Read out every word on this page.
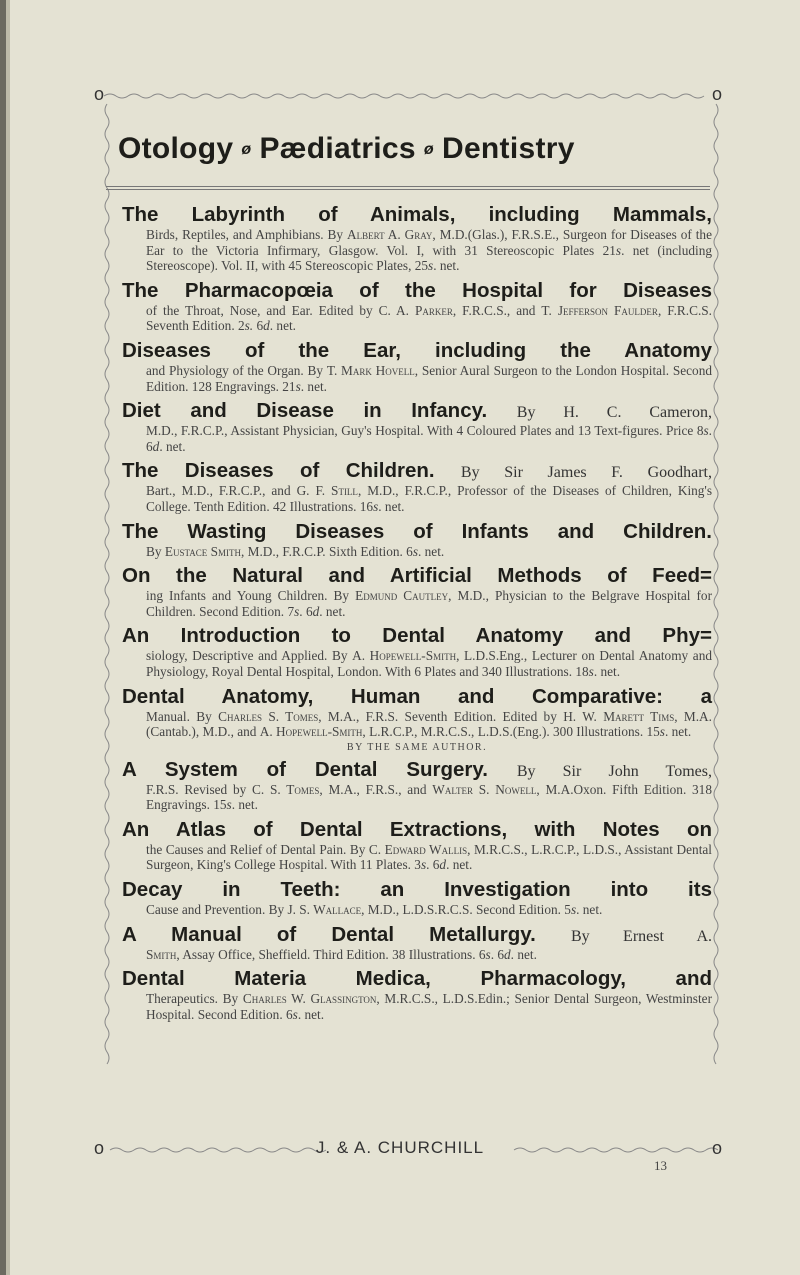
o	o
o	o
Otology ø Pædiatrics ø Dentistry
The Labyrinth of Animals, including Mammals,
Birds, Reptiles, and Amphibians. By Albert A. Gray, M.D.(Glas.), F.R.S.E., Surgeon for Diseases of the Ear to the Victoria Infirmary, Glasgow. Vol. I, with 31 Stereoscopic Plates 21s. net (including Stereoscope). Vol. II, with 45 Stereoscopic Plates, 25s. net.
The Pharmacopœia of the Hospital for Diseases
of the Throat, Nose, and Ear. Edited by C. A. Parker, F.R.C.S., and T. Jefferson Faulder, F.R.C.S. Seventh Edition. 2s. 6d. net.
Diseases of the Ear, including the Anatomy
and Physiology of the Organ. By T. Mark Hovell, Senior Aural Surgeon to the London Hospital. Second Edition. 128 Engravings. 21s. net.
Diet and Disease in Infancy. By H. C. Cameron,
M.D., F.R.C.P., Assistant Physician, Guy's Hospital. With 4 Coloured Plates and 13 Text-figures. Price 8s. 6d. net.
The Diseases of Children. By Sir James F. Goodhart,
Bart., M.D., F.R.C.P., and G. F. Still, M.D., F.R.C.P., Professor of the Diseases of Children, King's College. Tenth Edition. 42 Illustrations. 16s. net.
The Wasting Diseases of Infants and Children.
By Eustace Smith, M.D., F.R.C.P. Sixth Edition. 6s. net.
On the Natural and Artificial Methods of Feed=
ing Infants and Young Children. By Edmund Cautley, M.D., Physician to the Belgrave Hospital for Children. Second Edition. 7s. 6d. net.
An Introduction to Dental Anatomy and Phy=
siology, Descriptive and Applied. By A. Hopewell-Smith, L.D.S.Eng., Lecturer on Dental Anatomy and Physiology, Royal Dental Hospital, London. With 6 Plates and 340 Illustrations. 18s. net.
Dental Anatomy, Human and Comparative: a
Manual. By Charles S. Tomes, M.A., F.R.S. Seventh Edition. Edited by H. W. Marett Tims, M.A.(Cantab.), M.D., and A. Hopewell-Smith, L.R.C.P., M.R.C.S., L.D.S.(Eng.). 300 Illustrations. 15s. net.
BY THE SAME AUTHOR.
A System of Dental Surgery. By Sir John Tomes,
F.R.S. Revised by C. S. Tomes, M.A., F.R.S., and Walter S. Nowell, M.A.Oxon. Fifth Edition. 318 Engravings. 15s. net.
An Atlas of Dental Extractions, with Notes on
the Causes and Relief of Dental Pain. By C. Edward Wallis, M.R.C.S., L.R.C.P., L.D.S., Assistant Dental Surgeon, King's College Hospital. With 11 Plates. 3s. 6d. net.
Decay in Teeth: an Investigation into its
Cause and Prevention. By J. S. Wallace, M.D., L.D.S.R.C.S. Second Edition. 5s. net.
A Manual of Dental Metallurgy. By Ernest A.
Smith, Assay Office, Sheffield. Third Edition. 38 Illustrations. 6s. 6d. net.
Dental Materia Medica, Pharmacology, and
Therapeutics. By Charles W. Glassington, M.R.C.S., L.D.S.Edin.; Senior Dental Surgeon, Westminster Hospital. Second Edition. 6s. net.
J. & A. CHURCHILL
13
